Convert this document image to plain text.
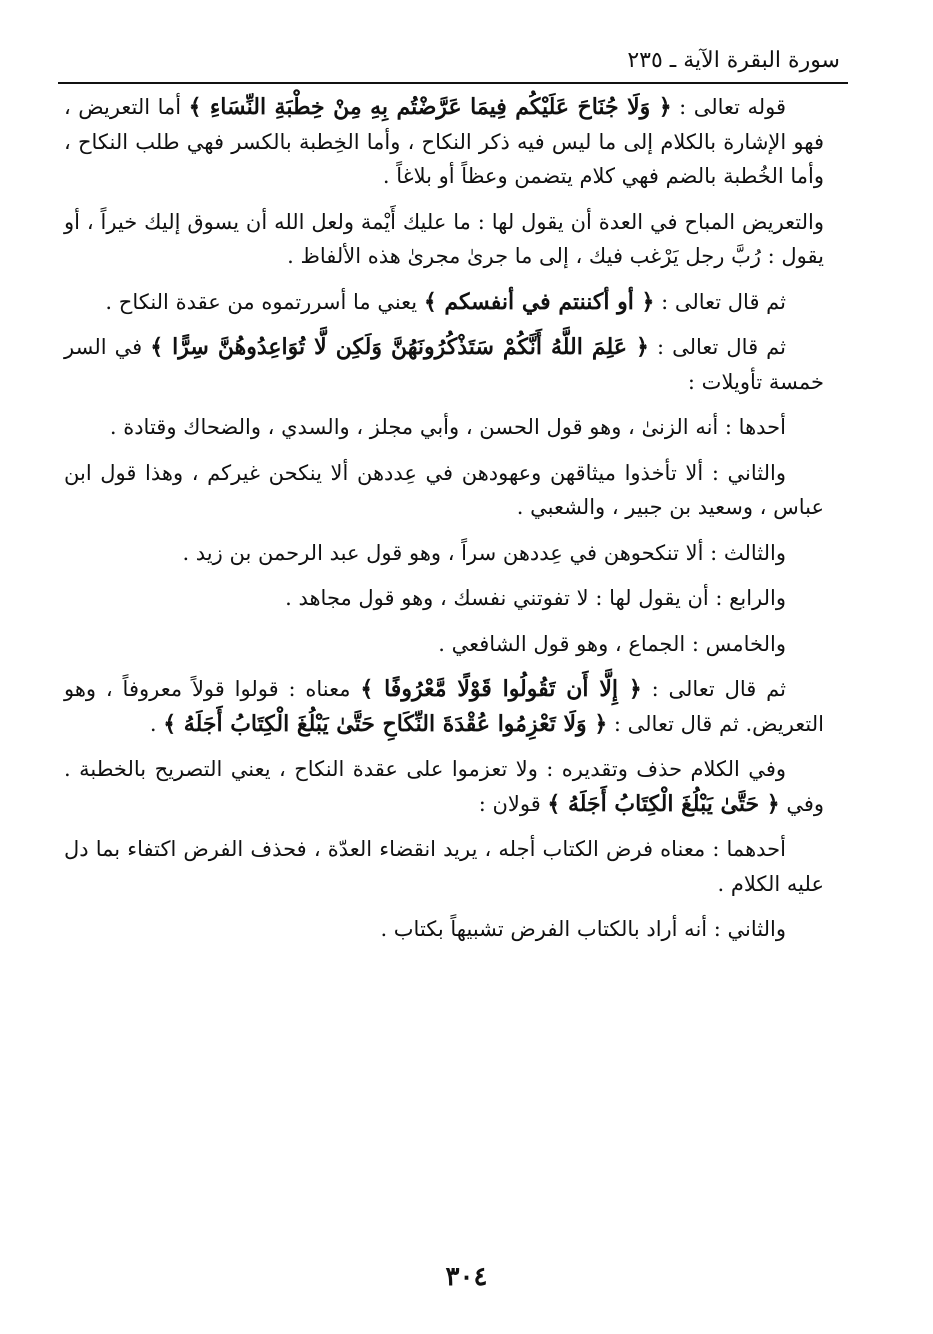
سورة البقرة الآية ـ ٢٣٥

قوله تعالى : ﴿ وَلَا جُنَاحَ عَلَيْكُم فِيمَا عَرَّضْتُم بِهِ مِنْ خِطْبَةِ النِّسَاءِ ﴾ أما التعريض ، فهو الإشارة بالكلام إلى ما ليس فيه ذكر النكاح ، وأما الخِطبة بالكسر فهي طلب النكاح ، وأما الخُطبة بالضم فهي كلام يتضمن وعظاً أو بلاغاً .

والتعريض المباح في العدة أن يقول لها : ما عليك أَيْمة ولعل الله أن يسوق إليك خيراً ، أو يقول : رُبَّ رجل يَرْغب فيك ، إلى ما جرىٰ مجرىٰ هذه الألفاظ .

ثم قال تعالى : ﴿ أو أكننتم في أنفسكم ﴾ يعني ما أسررتموه من عقدة النكاح .

ثم قال تعالى : ﴿ عَلِمَ اللَّهُ أَنَّكُمْ سَتَذْكُرُونَهُنَّ وَلَكِن لَّا تُوَاعِدُوهُنَّ سِرًّا ﴾ في السر خمسة تأويلات :

أحدها : أنه الزنىٰ ، وهو قول الحسن ، وأبي مجلز ، والسدي ، والضحاك وقتادة .

والثاني : ألا تأخذوا ميثاقهن وعهودهن في عِددهن ألا ينكحن غيركم ، وهذا قول ابن عباس ، وسعيد بن جبير ، والشعبي .

والثالث : ألا تنكحوهن في عِددهن سراً ، وهو قول عبد الرحمن بن زيد .

والرابع : أن يقول لها : لا تفوتني نفسك ، وهو قول مجاهد .

والخامس : الجماع ، وهو قول الشافعي .

ثم قال تعالى : ﴿ إِلَّا أَن تَقُولُوا قَوْلًا مَّعْرُوفًا ﴾ معناه : قولوا قولاً معروفاً ، وهو التعريض. ثم قال تعالى : ﴿ وَلَا تَعْزِمُوا عُقْدَةَ النِّكَاحِ حَتَّىٰ يَبْلُغَ الْكِتَابُ أَجَلَهُ ﴾ .

وفي الكلام حذف وتقديره : ولا تعزموا على عقدة النكاح ، يعني التصريح بالخطبة . وفي ﴿ حَتَّىٰ يَبْلُغَ الْكِتَابُ أَجَلَهُ ﴾ قولان :

أحدهما : معناه فرض الكتاب أجله ، يريد انقضاء العدّة ، فحذف الفرض اكتفاء بما دل عليه الكلام .

والثاني : أنه أراد بالكتاب الفرض تشبيهاً بكتاب .

٣٠٤
